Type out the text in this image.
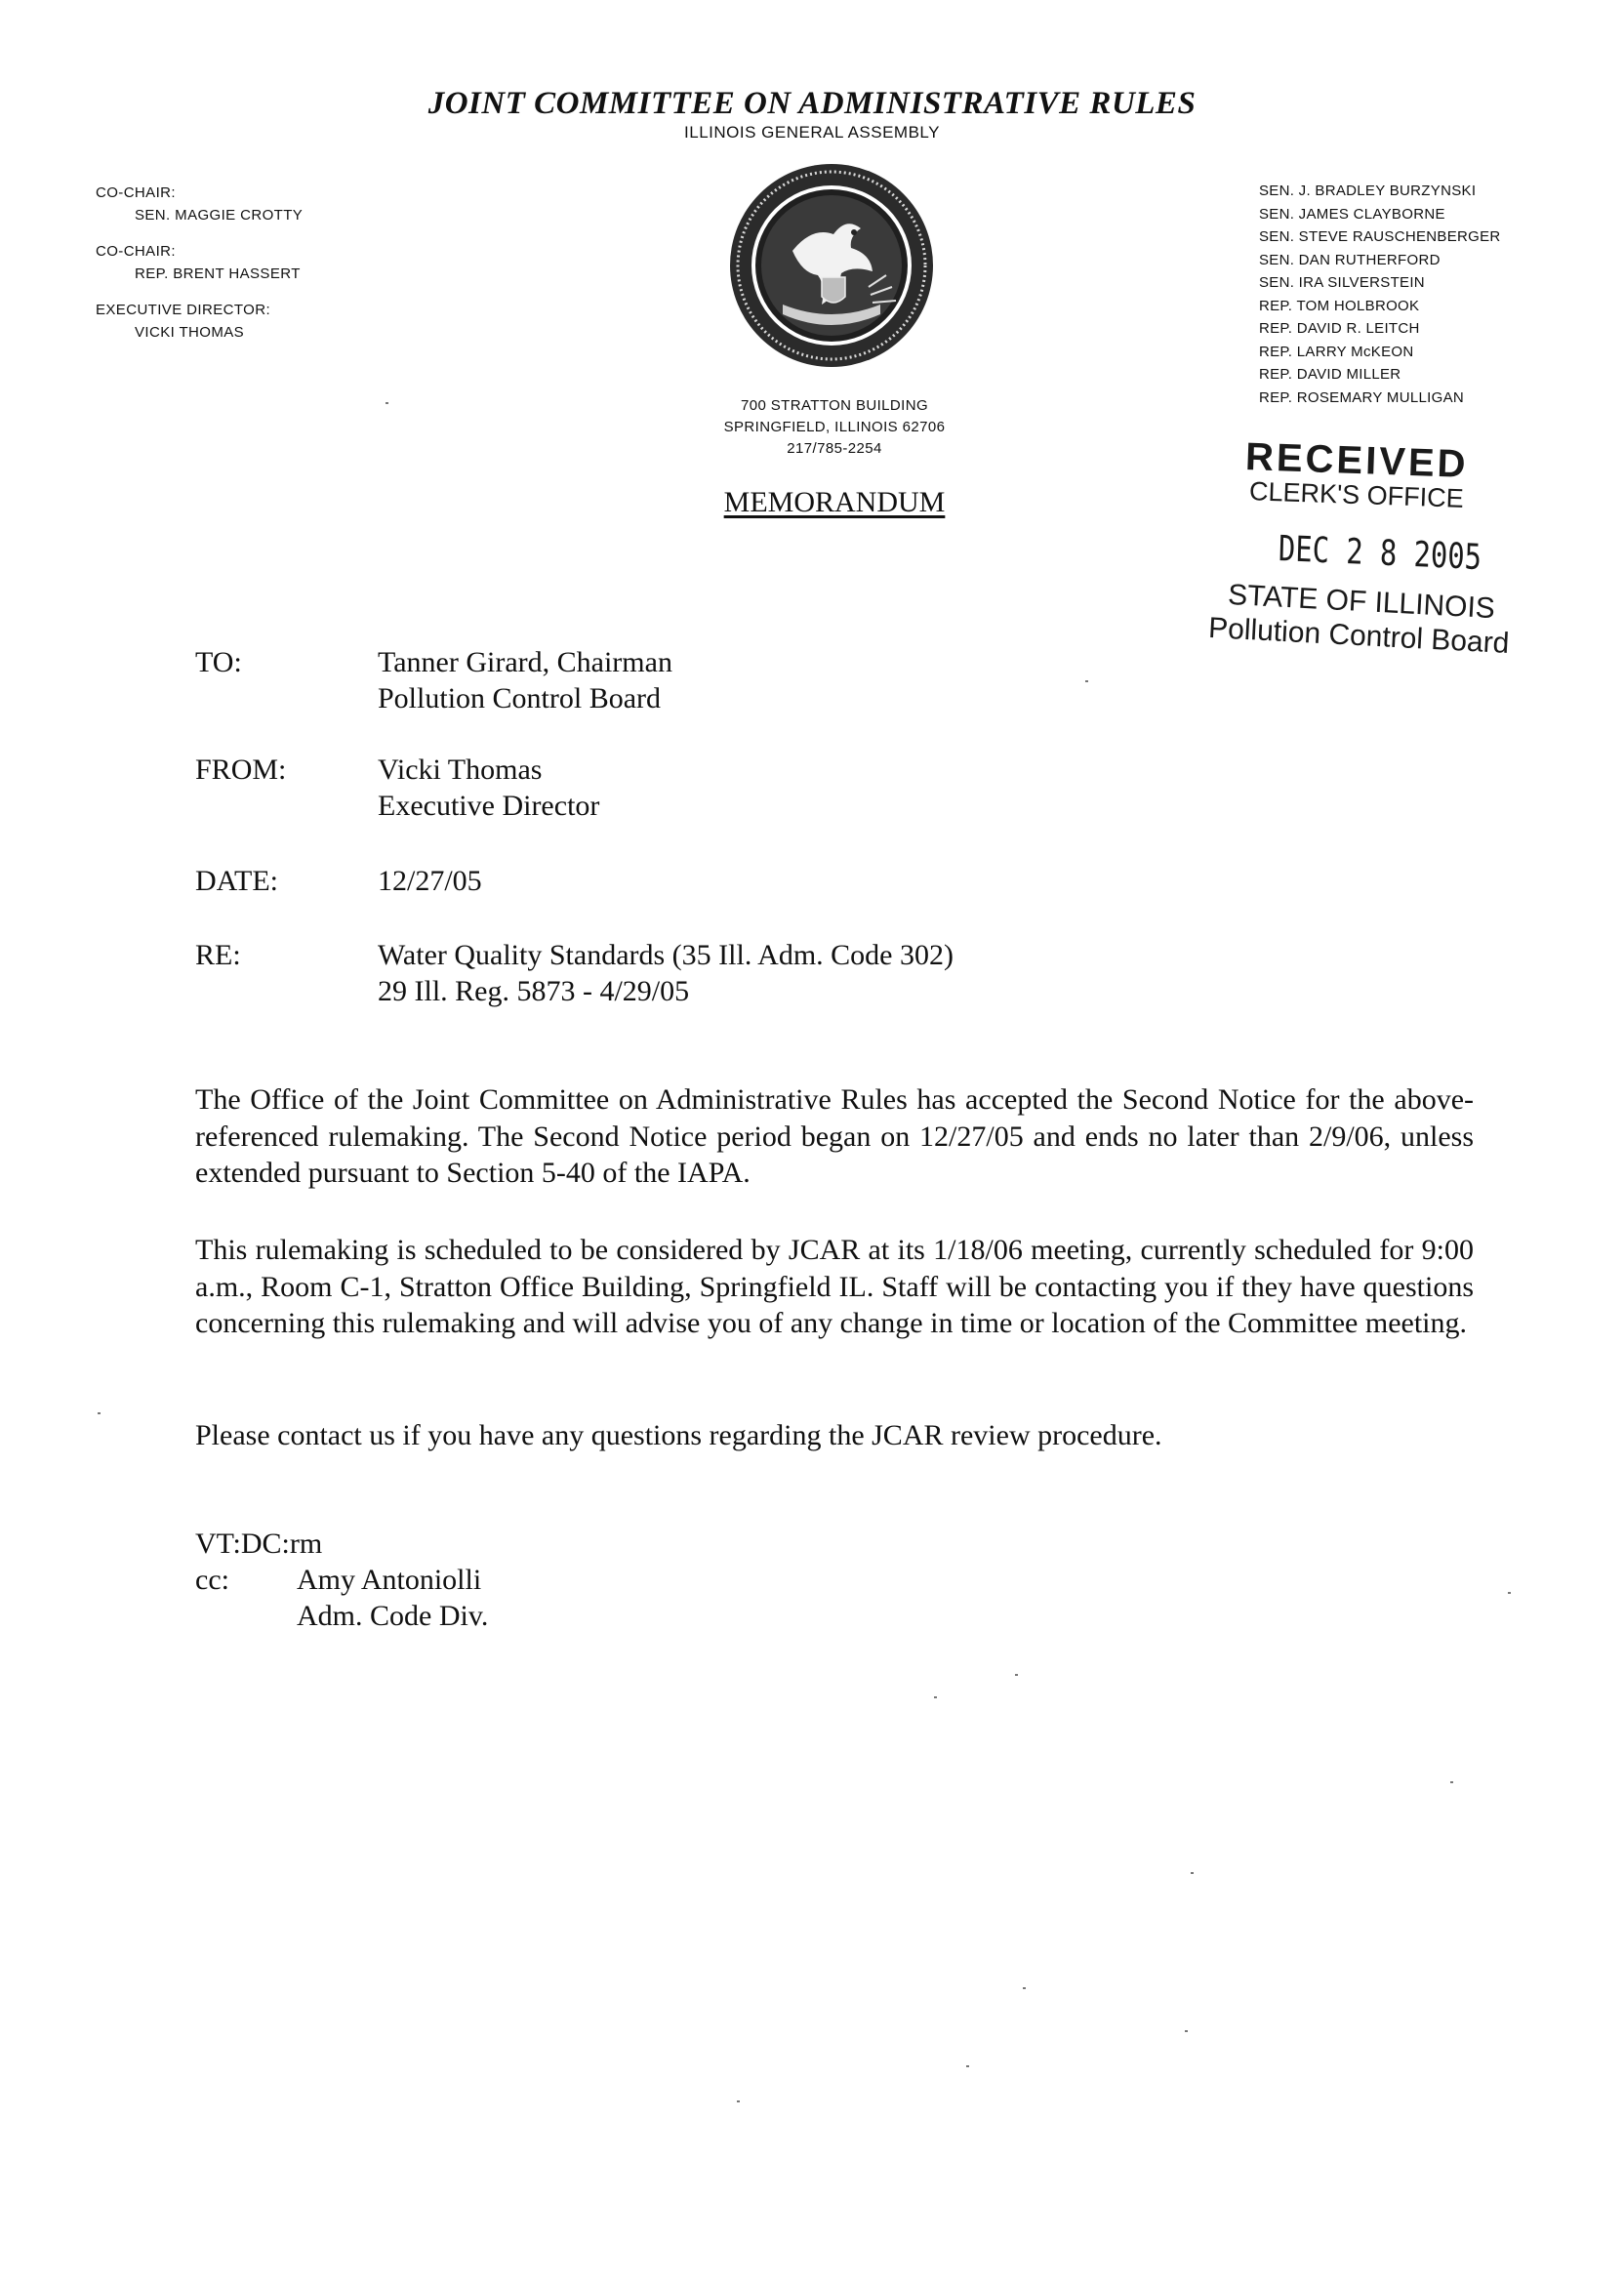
JOINT COMMITTEE ON ADMINISTRATIVE RULES
ILLINOIS GENERAL ASSEMBLY
CO-CHAIR:
SEN. MAGGIE CROTTY
CO-CHAIR:
REP. BRENT HASSERT
EXECUTIVE DIRECTOR:
VICKI THOMAS
SEN. J. BRADLEY BURZYNSKI
SEN. JAMES CLAYBORNE
SEN. STEVE RAUSCHENBERGER
SEN. DAN RUTHERFORD
SEN. IRA SILVERSTEIN
REP. TOM HOLBROOK
REP. DAVID R. LEITCH
REP. LARRY McKEON
REP. DAVID MILLER
REP. ROSEMARY MULLIGAN
700 STRATTON BUILDING
SPRINGFIELD, ILLINOIS 62706
217/785-2254
MEMORANDUM
RECEIVED
CLERK'S OFFICE
DEC 2 8 2005
STATE OF ILLINOIS
Pollution Control Board
TO:	Tanner Girard, Chairman
Pollution Control Board
FROM:	Vicki Thomas
Executive Director
DATE:	12/27/05
RE:	Water Quality Standards (35 Ill. Adm. Code 302)
29 Ill. Reg. 5873 - 4/29/05
The Office of the Joint Committee on Administrative Rules has accepted the Second Notice for the above-referenced rulemaking. The Second Notice period began on 12/27/05 and ends no later than 2/9/06, unless extended pursuant to Section 5-40 of the IAPA.
This rulemaking is scheduled to be considered by JCAR at its 1/18/06 meeting, currently scheduled for 9:00 a.m., Room C-1, Stratton Office Building, Springfield IL. Staff will be contacting you if they have questions concerning this rulemaking and will advise you of any change in time or location of the Committee meeting.
Please contact us if you have any questions regarding the JCAR review procedure.
VT:DC:rm
cc: Amy Antoniolli
Adm. Code Div.
